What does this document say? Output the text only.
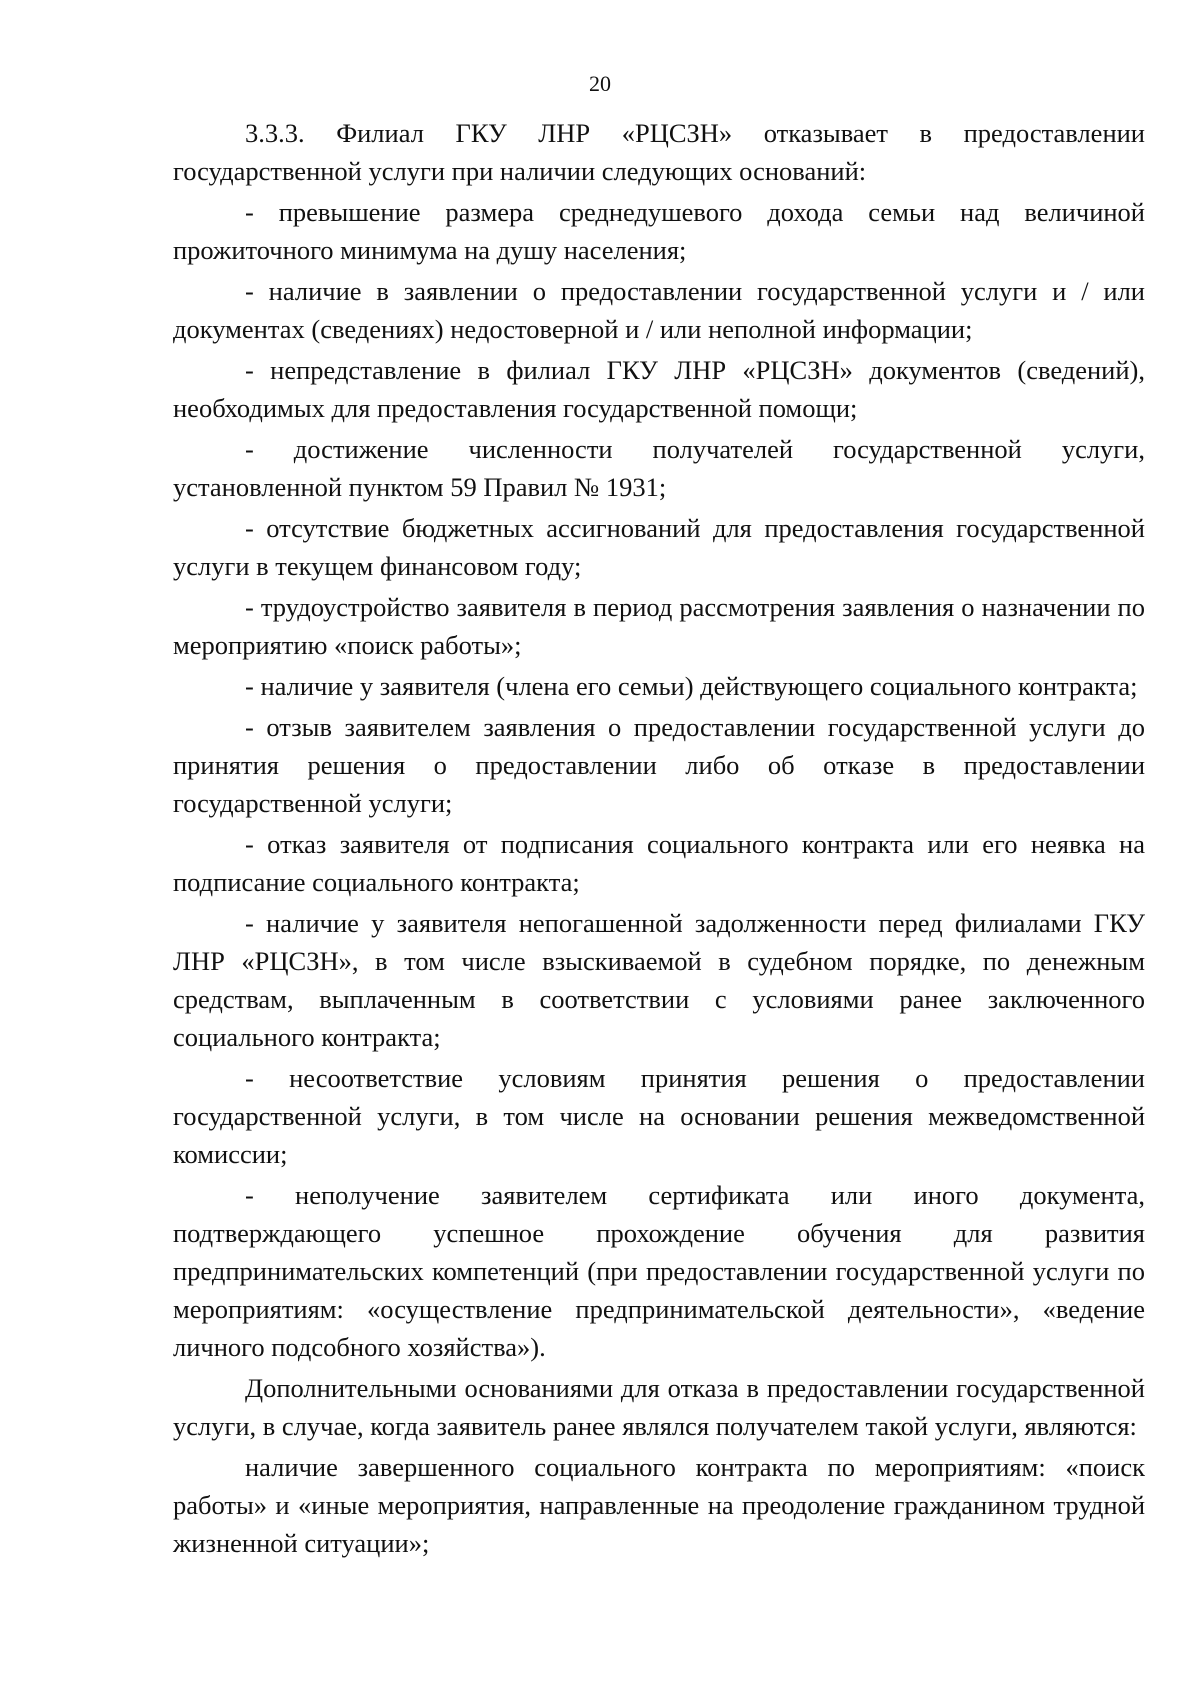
20

3.3.3. Филиал ГКУ ЛНР «РЦСЗН» отказывает в предоставлении государственной услуги при наличии следующих оснований:

- превышение размера среднедушевого дохода семьи над величиной прожиточного минимума на душу населения;

- наличие в заявлении о предоставлении государственной услуги и / или документах (сведениях) недостоверной и / или неполной информации;

- непредставление в филиал ГКУ ЛНР «РЦСЗН» документов (сведений), необходимых для предоставления государственной помощи;

- достижение численности получателей государственной услуги, установленной пунктом 59 Правил № 1931;

- отсутствие бюджетных ассигнований для предоставления государственной услуги в текущем финансовом году;

- трудоустройство заявителя в период рассмотрения заявления о назначении по мероприятию «поиск работы»;

- наличие у заявителя (члена его семьи) действующего социального контракта;

- отзыв заявителем заявления о предоставлении государственной услуги до принятия решения о предоставлении либо об отказе в предоставлении государственной услуги;

- отказ заявителя от подписания социального контракта или его неявка на подписание социального контракта;

- наличие у заявителя непогашенной задолженности перед филиалами ГКУ ЛНР «РЦСЗН», в том числе взыскиваемой в судебном порядке, по денежным средствам, выплаченным в соответствии с условиями ранее заключенного социального контракта;

- несоответствие условиям принятия решения о предоставлении государственной услуги, в том числе на основании решения межведомственной комиссии;

- неполучение заявителем сертификата или иного документа, подтверждающего успешное прохождение обучения для развития предпринимательских компетенций (при предоставлении государственной услуги по мероприятиям: «осуществление предпринимательской деятельности», «ведение личного подсобного хозяйства»).

Дополнительными основаниями для отказа в предоставлении государственной услуги, в случае, когда заявитель ранее являлся получателем такой услуги, являются:

наличие завершенного социального контракта по мероприятиям: «поиск работы» и «иные мероприятия, направленные на преодоление гражданином трудной жизненной ситуации»;
